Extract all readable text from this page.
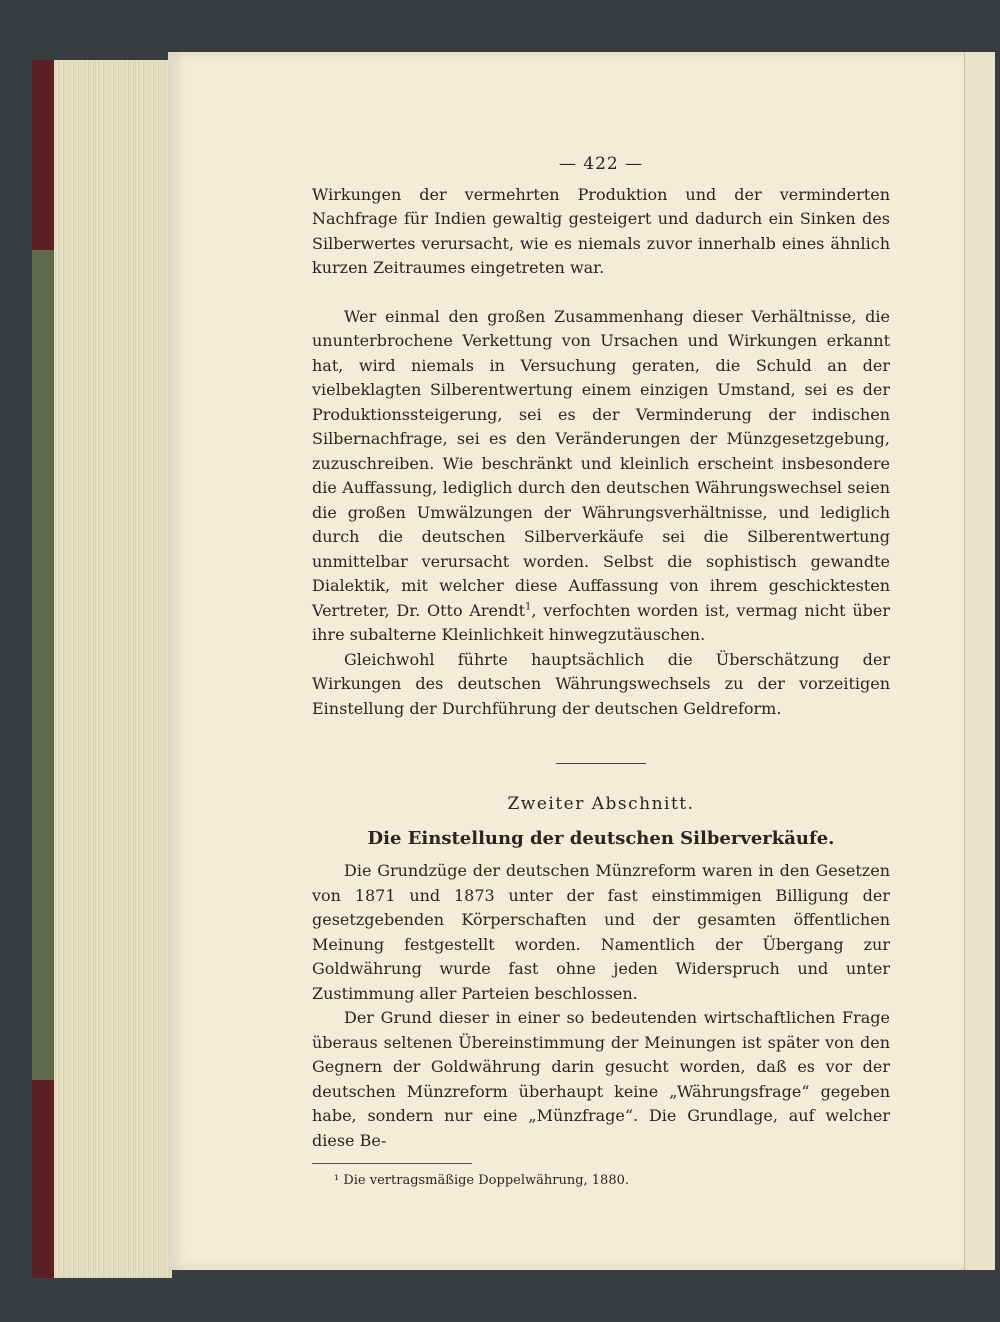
— 422 —

Wirkungen der vermehrten Produktion und der verminderten Nachfrage für Indien gewaltig gesteigert und dadurch ein Sinken des Silberwertes verursacht, wie es niemals zuvor innerhalb eines ähnlich kurzen Zeitraumes eingetreten war.

Wer einmal den großen Zusammenhang dieser Verhältnisse, die ununterbrochene Verkettung von Ursachen und Wirkungen erkannt hat, wird niemals in Versuchung geraten, die Schuld an der vielbeklagten Silberentwertung einem einzigen Umstand, sei es der Produktionssteigerung, sei es der Verminderung der indischen Silbernachfrage, sei es den Veränderungen der Münzgesetzgebung, zuzuschreiben. Wie beschränkt und kleinlich erscheint insbesondere die Auffassung, lediglich durch den deutschen Währungswechsel seien die großen Umwälzungen der Währungsverhältnisse, und lediglich durch die deutschen Silberverkäufe sei die Silberentwertung unmittelbar verursacht worden. Selbst die sophistisch gewandte Dialektik, mit welcher diese Auffassung von ihrem geschicktesten Vertreter, Dr. Otto Arendt$^1$, verfochten worden ist, vermag nicht über ihre subalterne Kleinlichkeit hinwegzutäuschen.

Gleichwohl führte hauptsächlich die Überschätzung der Wirkungen des deutschen Währungswechsels zu der vorzeitigen Einstellung der Durchführung der deutschen Geldreform.

Zweiter Abschnitt.
Die Einstellung der deutschen Silberverkäufe.

Die Grundzüge der deutschen Münzreform waren in den Gesetzen von 1871 und 1873 unter der fast einstimmigen Billigung der gesetzgebenden Körperschaften und der gesamten öffentlichen Meinung festgestellt worden. Namentlich der Übergang zur Goldwährung wurde fast ohne jeden Widerspruch und unter Zustimmung aller Parteien beschlossen.

Der Grund dieser in einer so bedeutenden wirtschaftlichen Frage überaus seltenen Übereinstimmung der Meinungen ist später von den Gegnern der Goldwährung darin gesucht worden, daß es vor der deutschen Münzreform überhaupt keine „Währungsfrage“ gegeben habe, sondern nur eine „Münzfrage“. Die Grundlage, auf welcher diese Be-

¹ Die vertragsmäßige Doppelwährung, 1880.
